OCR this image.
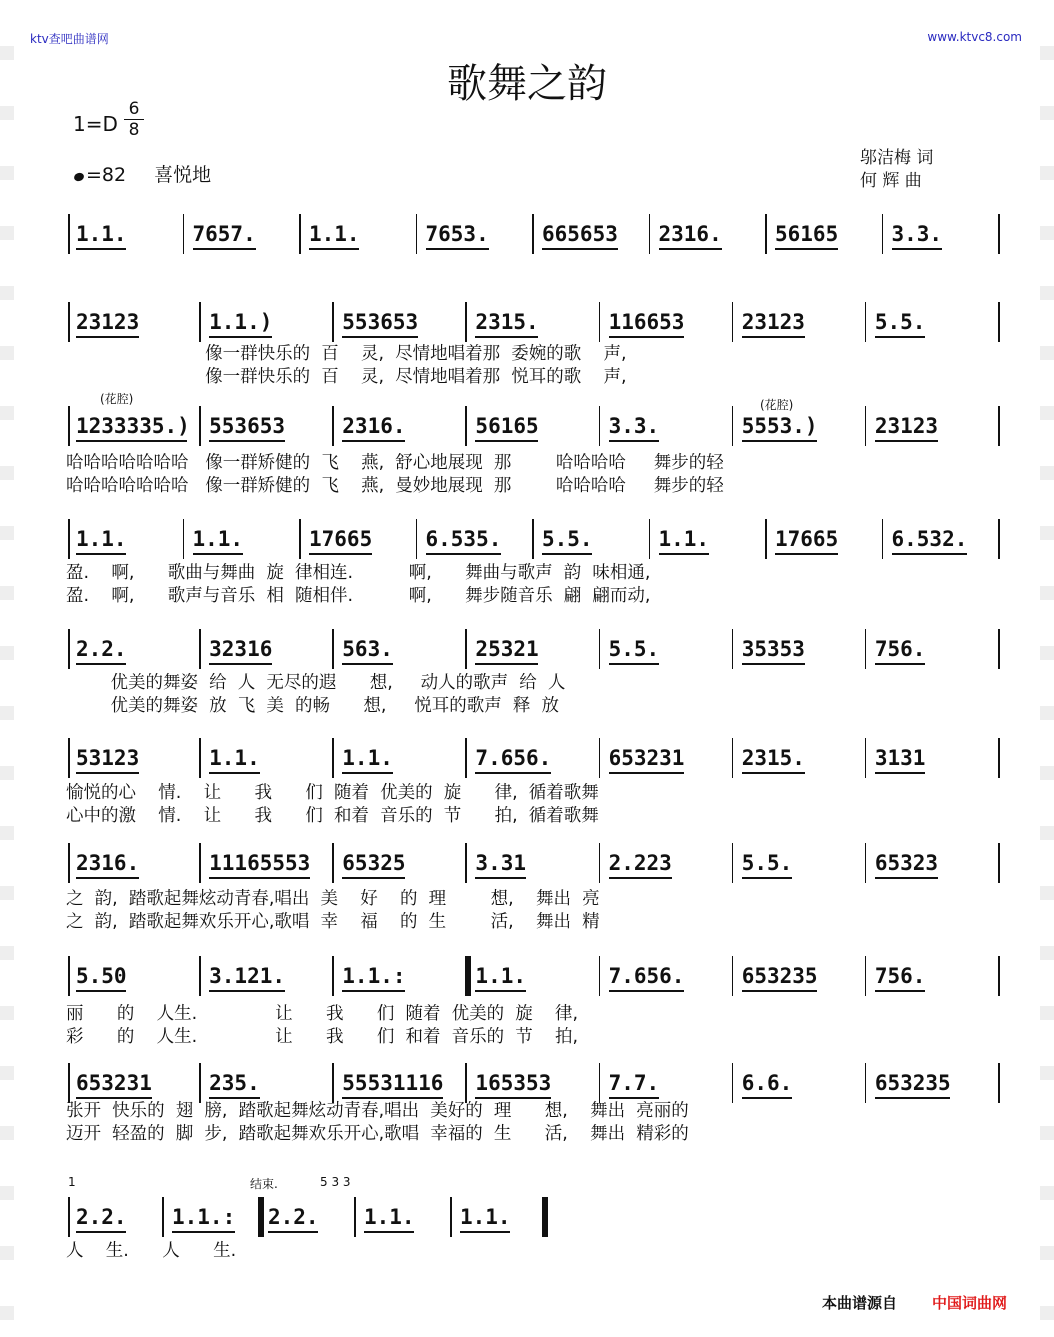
ktv查吧曲谱网	www.ktvc8.com
歌舞之韵
1=D
6
8
=82 喜悦地
邬洁梅 词
何 辉 曲
1.1.	7657.	1.1.	7653.	665653 2316.	56165	3.3.
23123	1.1.)	553653	2315.	116653	23123	5.5.
像一群快乐的  百    灵,  尽情地唱着那  委婉的歌    声,
像一群快乐的  百    灵,  尽情地唱着那  悦耳的歌    声,
1233335.) 553653	2316.	56165	3.3.	5553.)	23123
哈哈哈哈哈哈哈   像一群矫健的  飞    燕,  舒心地展现  那        哈哈哈哈     舞步的轻
哈哈哈哈哈哈哈   像一群矫健的  飞    燕,  曼妙地展现  那        哈哈哈哈     舞步的轻
1.1.	1.1.	17665	6.535. 5.5.	1.1.	17665	6.532.
盈.    啊,      歌曲与舞曲  旋  律相连.          啊,      舞曲与歌声  韵  味相通,
盈.    啊,      歌声与音乐  相  随相伴.          啊,      舞步随音乐  翩  翩而动,
2.2.	32316	563.	25321	5.5.	35353	756.
优美的舞姿  给  人  无尽的遐      想,     动人的歌声  给  人
优美的舞姿  放  飞  美  的畅      想,     悦耳的歌声  释  放
53123	1.1.	1.1.	7.656.	653231	2315.	3131
愉悦的心    情.    让      我      们  随着  优美的  旋      律,  循着歌舞
心中的激    情.    让      我      们  和着  音乐的  节      拍,  循着歌舞
2316.	11165553 65325	3.31	2.223	5.5.	65323
之  韵,  踏歌起舞炫动青春,唱出  美    好    的  理        想,    舞出  亮
之  韵,  踏歌起舞欢乐开心,歌唱  幸    福    的  生        活,    舞出  精
5.50	3.121.	1.1.:	1.1.	7.656.	653235	756.
丽      的    人生.              让      我      们  随着  优美的  旋    律,
彩      的    人生.              让      我      们  和着  音乐的  节    拍,
653231	235.	55531116 165353	7.7.	6.6.	653235
张开  快乐的  翅  膀,  踏歌起舞炫动青春,唱出  美好的  理      想,    舞出  亮丽的
迈开  轻盈的  脚  步,  踏歌起舞欢乐开心,歌唱  幸福的  生      活,    舞出  精彩的
2.2. 1.1.: 2.2. 1.1. 1.1.
人    生.      人      生.
(花腔)	(花腔)
1	结束.	5 3 3
本曲谱源自 中国词曲网
